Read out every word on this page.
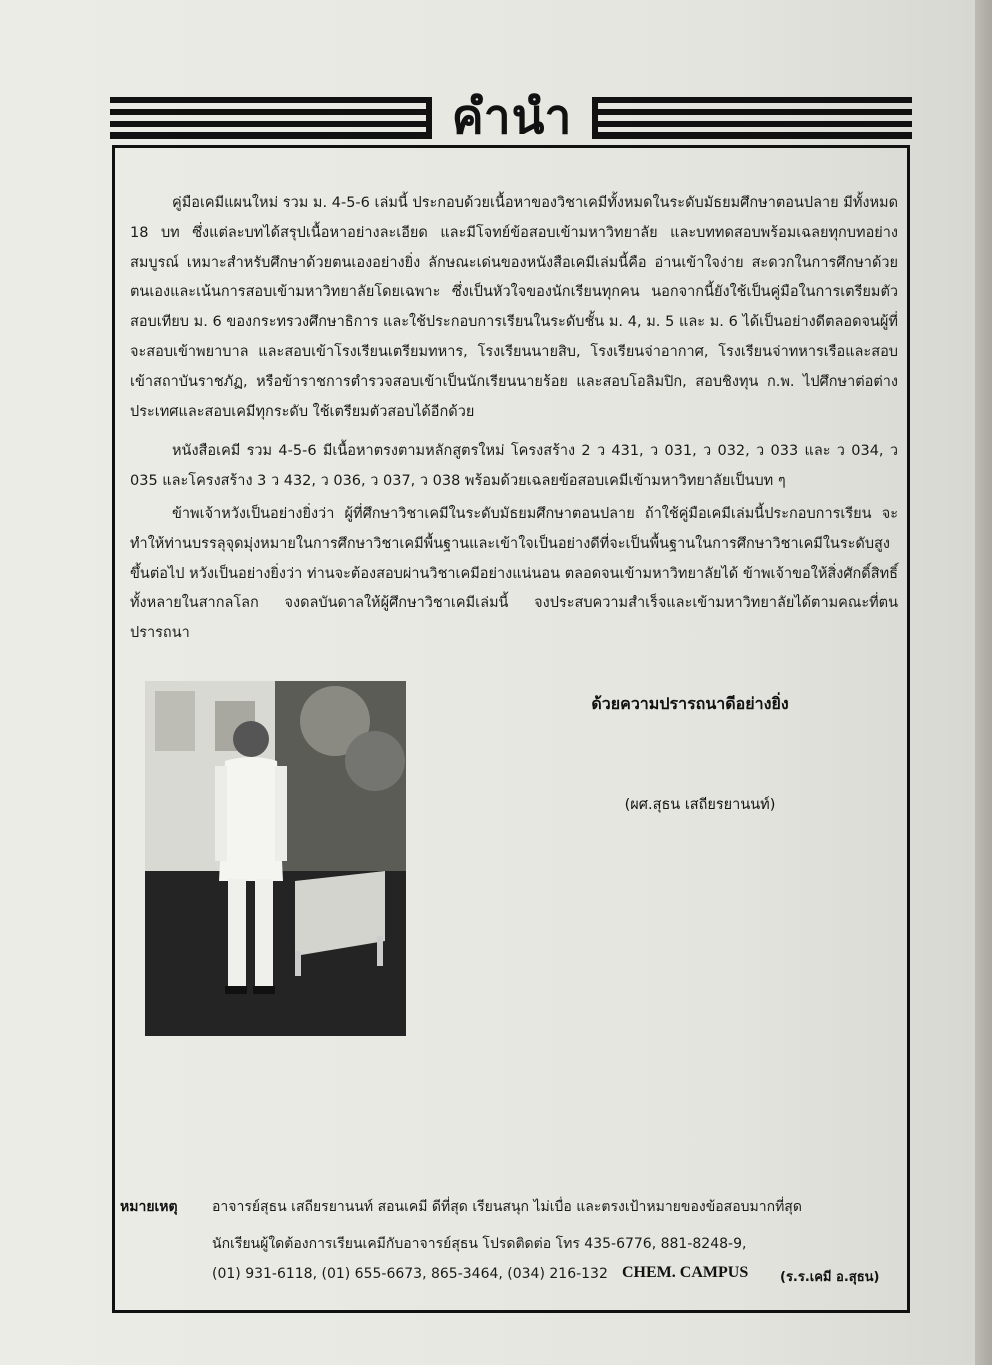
คำนำ

คู่มือเคมีแผนใหม่ รวม ม. 4-5-6 เล่มนี้ ประกอบด้วยเนื้อหาของวิชาเคมีทั้งหมดในระดับมัธยมศึกษาตอนปลาย มีทั้งหมด 18 บท ซึ่งแต่ละบทได้สรุปเนื้อหาอย่างละเอียด และมีโจทย์ข้อสอบเข้ามหาวิทยาลัย และบททดสอบพร้อมเฉลยทุกบทอย่างสมบูรณ์ เหมาะสำหรับศึกษาด้วยตนเองอย่างยิ่ง ลักษณะเด่นของหนังสือเคมีเล่มนี้คือ อ่านเข้าใจง่าย สะดวกในการศึกษาด้วยตนเองและเน้นการสอบเข้ามหาวิทยาลัยโดยเฉพาะ ซึ่งเป็นหัวใจของนักเรียนทุกคน นอกจากนี้ยังใช้เป็นคู่มือในการเตรียมตัวสอบเทียบ ม. 6 ของกระทรวงศึกษาธิการ และใช้ประกอบการเรียนในระดับชั้น ม. 4, ม. 5 และ ม. 6 ได้เป็นอย่างดีตลอดจนผู้ที่จะสอบเข้าพยาบาล และสอบเข้าโรงเรียนเตรียมทหาร, โรงเรียนนายสิบ, โรงเรียนจ่าอากาศ, โรงเรียนจ่าทหารเรือและสอบเข้าสถาบันราชภัฏ, หรือข้าราชการตำรวจสอบเข้าเป็นนักเรียนนายร้อย และสอบโอลิมปิก, สอบชิงทุน ก.พ. ไปศึกษาต่อต่างประเทศและสอบเคมีทุกระดับ ใช้เตรียมตัวสอบได้อีกด้วย

หนังสือเคมี รวม 4-5-6 มีเนื้อหาตรงตามหลักสูตรใหม่ โครงสร้าง 2 ว 431, ว 031, ว 032, ว 033 และ ว 034, ว 035 และโครงสร้าง 3 ว 432, ว 036, ว 037, ว 038 พร้อมด้วยเฉลยข้อสอบเคมีเข้ามหาวิทยาลัยเป็นบท ๆ

ข้าพเจ้าหวังเป็นอย่างยิ่งว่า ผู้ที่ศึกษาวิชาเคมีในระดับมัธยมศึกษาตอนปลาย ถ้าใช้คู่มือเคมีเล่มนี้ประกอบการเรียน จะทำให้ท่านบรรลุจุดมุ่งหมายในการศึกษาวิชาเคมีพื้นฐานและเข้าใจเป็นอย่างดีที่จะเป็นพื้นฐานในการศึกษาวิชาเคมีในระดับสูงขึ้นต่อไป หวังเป็นอย่างยิ่งว่า ท่านจะต้องสอบผ่านวิชาเคมีอย่างแน่นอน ตลอดจนเข้ามหาวิทยาลัยได้ ข้าพเจ้าขอให้สิ่งศักดิ์สิทธิ์ทั้งหลายในสากลโลก จงดลบันดาลให้ผู้ศึกษาวิชาเคมีเล่มนี้ จงประสบความสำเร็จและเข้ามหาวิทยาลัยได้ตามคณะที่ตนปรารถนา

ด้วยความปรารถนาดีอย่างยิ่ง
(ผศ.สุธน เสถียรยานนท์)
หมายเหตุ อาจารย์สุธน เสถียรยานนท์ สอนเคมี ดีที่สุด เรียนสนุก ไม่เบื่อ และตรงเป้าหมายของข้อสอบมากที่สุด
นักเรียนผู้ใดต้องการเรียนเคมีกับอาจารย์สุธน โปรดติดต่อ โทร 435-6776, 881-8248-9,
(01) 931-6118, (01) 655-6673, 865-3464, (034) 216-132 CHEM. CAMPUS (ร.ร.เคมี อ.สุธน)
